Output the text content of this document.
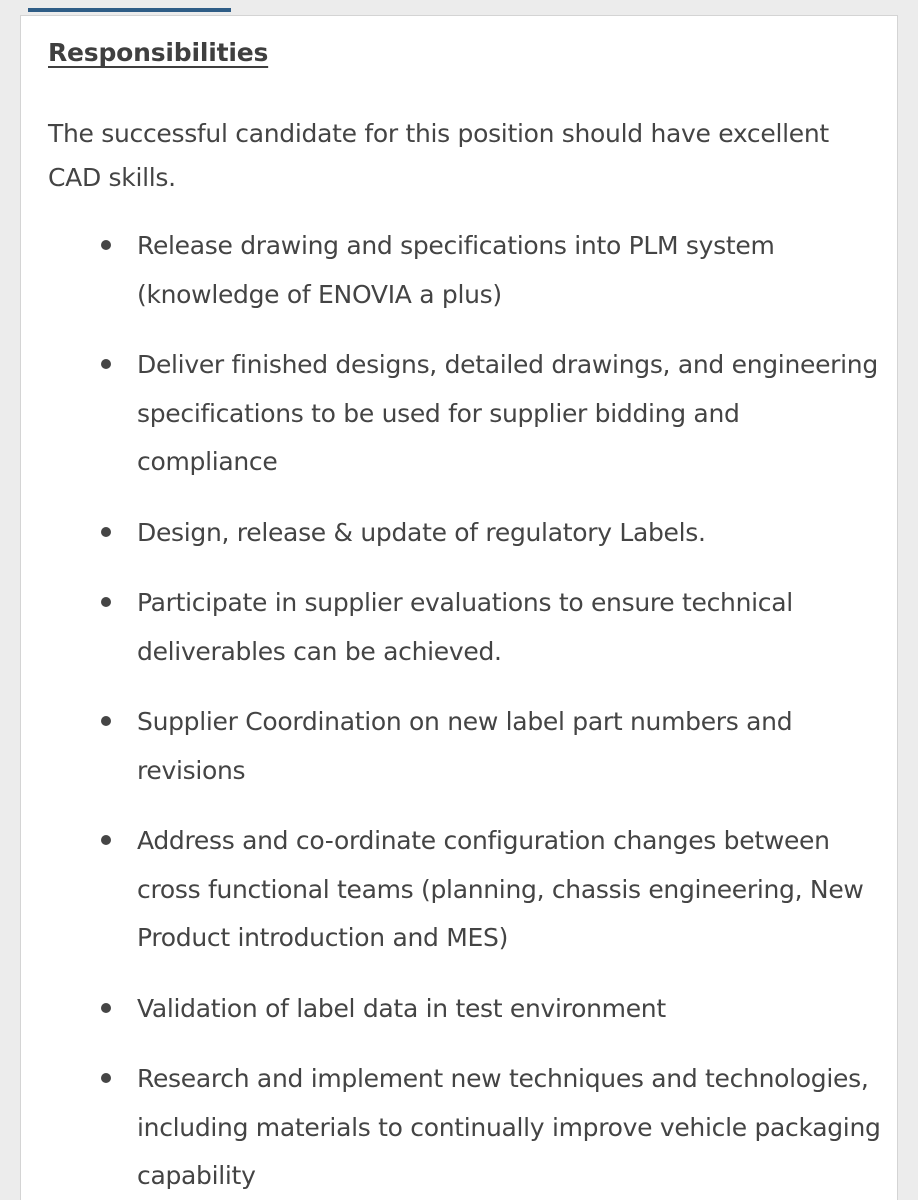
Responsibilities

The successful candidate for this position should have excellent CAD skills.

Release drawing and specifications into PLM system (knowledge of ENOVIA a plus)
Deliver finished designs, detailed drawings, and engineering specifications to be used for supplier bidding and compliance
Design, release & update of regulatory Labels.
Participate in supplier evaluations to ensure technical deliverables can be achieved.
Supplier Coordination on new label part numbers and revisions
Address and co-ordinate configuration changes between cross functional teams (planning, chassis engineering, New Product introduction and MES)
Validation of label data in test environment
Research and implement new techniques and technologies, including materials to continually improve vehicle packaging capability
